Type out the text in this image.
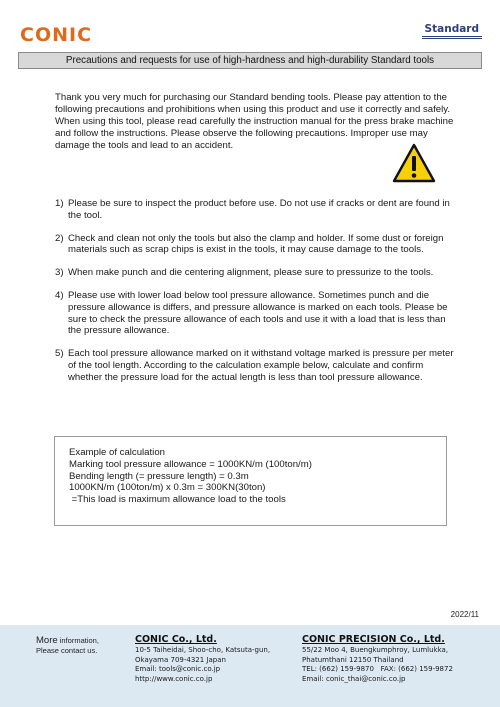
CONIC	Standard
Precautions and requests for use of high-hardness and high-durability Standard tools

Thank you very much for purchasing our Standard bending tools. Please pay attention to the following precautions and prohibitions when using this product and use it correctly and safely. When using this tool, please read carefully the instruction manual for the press brake machine and follow the instructions. Please observe the following precautions. Improper use may damage the tools and lead to an accident.

1) Please be sure to inspect the product before use. Do not use if cracks or dent are found in the tool.
2) Check and clean not only the tools but also the clamp and holder. If some dust or foreign materials such as scrap chips is exist in the tools, it may cause damage to the tools.
3) When make punch and die centering alignment, please sure to pressurize to the tools.
4) Please use with lower load below tool pressure allowance. Sometimes punch and die pressure allowance is differs, and pressure allowance is marked on each tools. Please be sure to check the pressure allowance of each tools and use it with a load that is less than the pressure allowance.
5) Each tool pressure allowance marked on it withstand voltage marked is pressure per meter of the tool length. According to the calculation example below, calculate and confirm whether the pressure load for the actual length is less than tool pressure allowance.
Example of calculation
Marking tool pressure allowance = 1000KN/m (100ton/m)
Bending length (= pressure length) = 0.3m
1000KN/m (100ton/m) x 0.3m = 300KN(30ton)
=This load is maximum allowance load to the tools
2022/11
More information,
Please contact us.
CONIC Co., Ltd.
10-5 Taiheidai, Shoo-cho, Katsuta-gun,
Okayama 709-4321 Japan
Email: tools@conic.co.jp
http://www.conic.co.jp
CONIC PRECISION Co., Ltd.
55/22 Moo 4, Buengkumphroy, Lumlukka,
Phatumthani 12150 Thailand
TEL: (662) 159-9870   FAX: (662) 159-9872
Email: conic_thai@conic.co.jp
